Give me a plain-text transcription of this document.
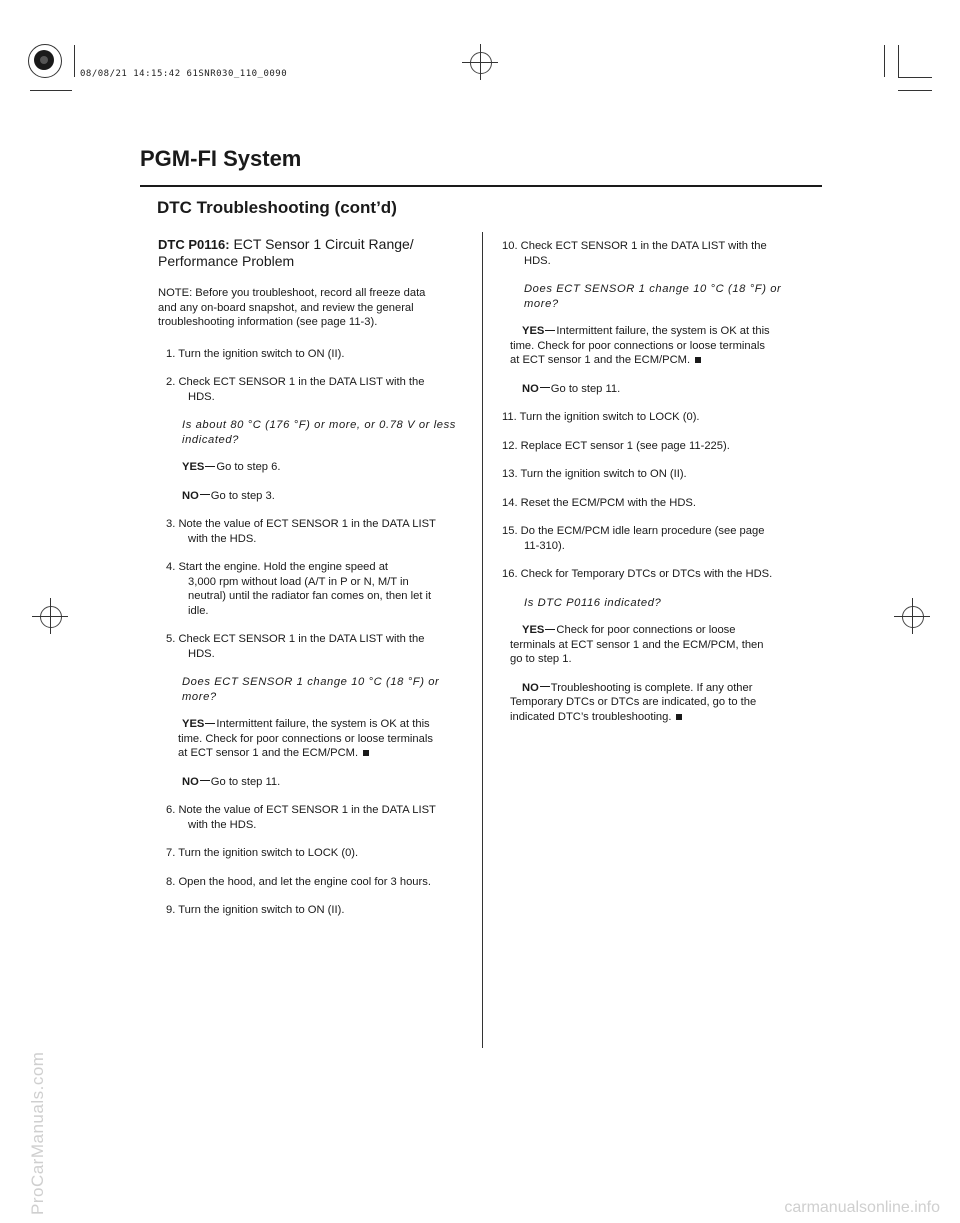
08/08/21 14:15:42 61SNR030_110_0090
PGM-FI System
DTC Troubleshooting (cont’d)
DTC P0116: ECT Sensor 1 Circuit Range/
Performance Problem
NOTE: Before you troubleshoot, record all freeze data
and any on-board snapshot, and review the general
troubleshooting information (see page 11-3).
1. Turn the ignition switch to ON (II).
2. Check ECT SENSOR 1 in the DATA LIST with the
HDS.
Is about 80 °C (176 °F) or more, or 0.78 V or less
indicated?
YES Go to step 6.
NO Go to step 3.
3. Note the value of ECT SENSOR 1 in the DATA LIST
with the HDS.
4. Start the engine. Hold the engine speed at
3,000 rpm without load (A/T in P or N, M/T in
neutral) until the radiator fan comes on, then let it
idle.
5. Check ECT SENSOR 1 in the DATA LIST with the
HDS.
Does ECT SENSOR 1 change 10 °C (18 °F) or
more?
YES Intermittent failure, the system is OK at this
time. Check for poor connections or loose terminals
at ECT sensor 1 and the ECM/PCM.
NO Go to step 11.
6. Note the value of ECT SENSOR 1 in the DATA LIST
with the HDS.
7. Turn the ignition switch to LOCK (0).
8. Open the hood, and let the engine cool for 3 hours.
9. Turn the ignition switch to ON (II).
10. Check ECT SENSOR 1 in the DATA LIST with the
HDS.
Does ECT SENSOR 1 change 10 °C (18 °F) or
more?
YES Intermittent failure, the system is OK at this
time. Check for poor connections or loose terminals
at ECT sensor 1 and the ECM/PCM.
NO Go to step 11.
11. Turn the ignition switch to LOCK (0).
12. Replace ECT sensor 1 (see page 11-225).
13. Turn the ignition switch to ON (II).
14. Reset the ECM/PCM with the HDS.
15. Do the ECM/PCM idle learn procedure (see page
11-310).
16. Check for Temporary DTCs or DTCs with the HDS.
Is DTC P0116 indicated?
YES Check for poor connections or loose
terminals at ECT sensor 1 and the ECM/PCM, then
go to step 1.
NO Troubleshooting is complete. If any other
Temporary DTCs or DTCs are indicated, go to the
indicated DTC’s troubleshooting.
ProCarManuals.com	carmanualsonline.info
